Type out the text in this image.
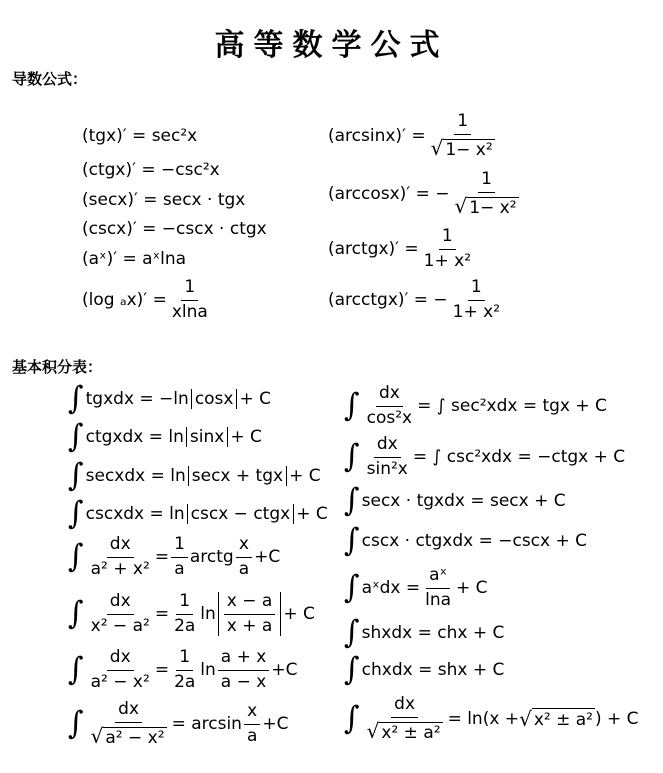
高等数学公式
导数公式：
(tgx)′ = sec²x
(ctgx)′ = −csc²x
(secx)′ = secx · tgx
(cscx)′ = −cscx · ctgx
(aˣ)′ = aˣlna
(log $_ax)' = \frac{1}{xlna}$
$(\arcsin x)' = \frac{1}{\text{√ 1− x²}}$
(arccosx)′ = − $\frac{1}{\text{√ 1− x²}}$
(arctgx)′ = $\frac{1}{\text{1+ x²}}$
(arcctgx)′ = − $\frac{1}{\text{1+ x²}}$
基本积分表：
∫ tgxdx = −ln cosx + C
∫ ctgxdx = ln sinx + C
∫ secxdx = ln secx + tgx + C
∫ cscxdx = ln cscx − ctgx + C
∫ $\frac{dx}{\text{a² + x²}} = \frac{1}{a}$ arctg $\frac{x}{a} +C$
∫ $\frac{dx}{\text{x² − a²}} = \frac{1}{2a}$ $\ln \frac{x - a}{x + a} + C$
∫ $\frac{dx}{\text{a² − x²}} = \frac{1}{2a}$ $\ln \frac{a + x}{a - x} +C$
∫ $\frac{dx}{\text{√ a² − x²}} = \arcsin \frac{x}{a} +C$
∫ $\frac{dx}{\text{cos²x}}$ = ∫ sec²xdx = tgx + C
∫ $\frac{dx}{\text{sin²x}}$ = ∫ csc²xdx = −ctgx + C
∫ secx · tgxdx = secx + C
∫ cscx · ctgxdx = −cscx + C
∫ aˣdx = $\frac{\text{aˣ}}{\ln a} + C$
∫ shxdx = chx + C
∫ chxdx = shx + C
∫ $\frac{dx}{\text{√ x² ± a²}} = \ln(x$ + √ x² ± a² ) + C
